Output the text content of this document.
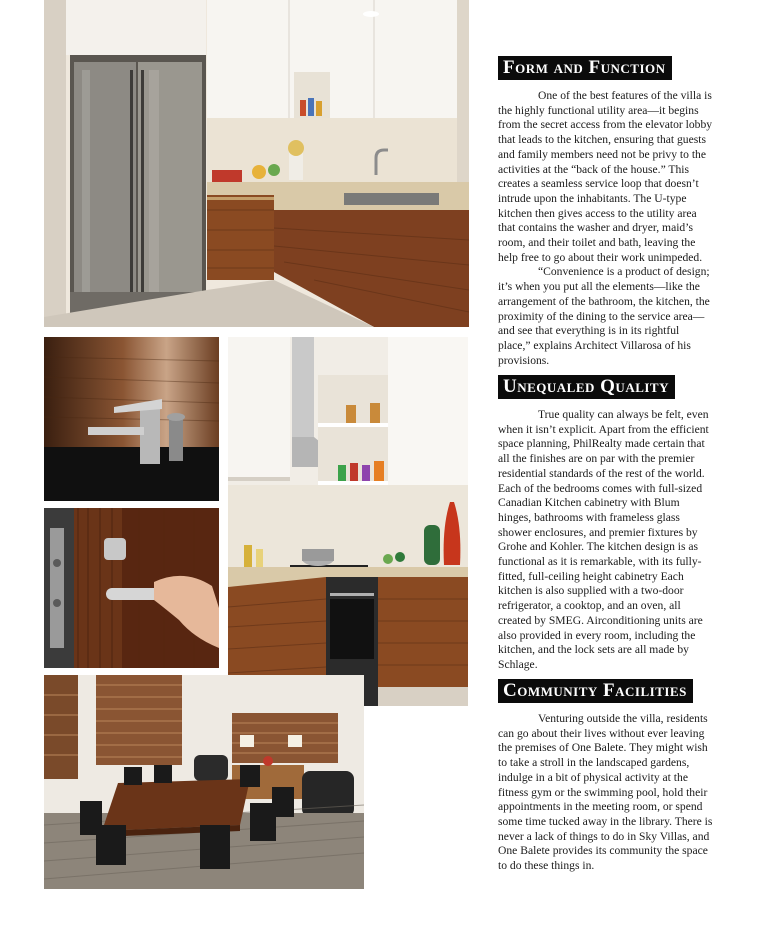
Form and Function

One of the best features of the villa is the highly functional utility area—it begins from the secret access from the elevator lobby that leads to the kitchen, ensuring that guests and family members need not be privy to the activities at the “back of the house.” This creates a seamless service loop that doesn’t intrude upon the inhabitants. The U-type kitchen then gives access to the utility area that contains the washer and dryer, maid’s room, and their toilet and bath, leaving the help free to go about their work unimpeded.

“Convenience is a product of design; it’s when you put all the elements—like the arrangement of the bathroom, the kitchen, the proximity of the dining to the service area—and see that everything is in its rightful place,” explains Architect Villarosa of his provisions.

Unequaled Quality

True quality can always be felt, even when it isn’t explicit. Apart from the efficient space planning, PhilRealty made certain that all the finishes are on par with the premier residential standards of the rest of the world. Each of the bedrooms comes with full-sized Canadian Kitchen cabinetry with Blum hinges, bathrooms with frameless glass shower enclosures, and premier fixtures by Grohe and Kohler. The kitchen design is as functional as it is remarkable, with its fully-fitted, full-ceiling height cabinetry Each kitchen is also supplied with a two-door refrigerator, a cooktop, and an oven, all created by SMEG. Airconditioning units are also provided in every room, including the kitchen, and the lock sets are all made by Schlage.

Community Facilities

Venturing outside the villa, residents can go about their lives without ever leaving the premises of One Balete. They might wish to take a stroll in the landscaped gardens, indulge in a bit of physical activity at the fitness gym or the swimming pool, hold their appointments in the meeting room, or spend some time tucked away in the library. There is never a lack of things to do in Sky Villas, and One Balete provides its community the space to do these things in.
